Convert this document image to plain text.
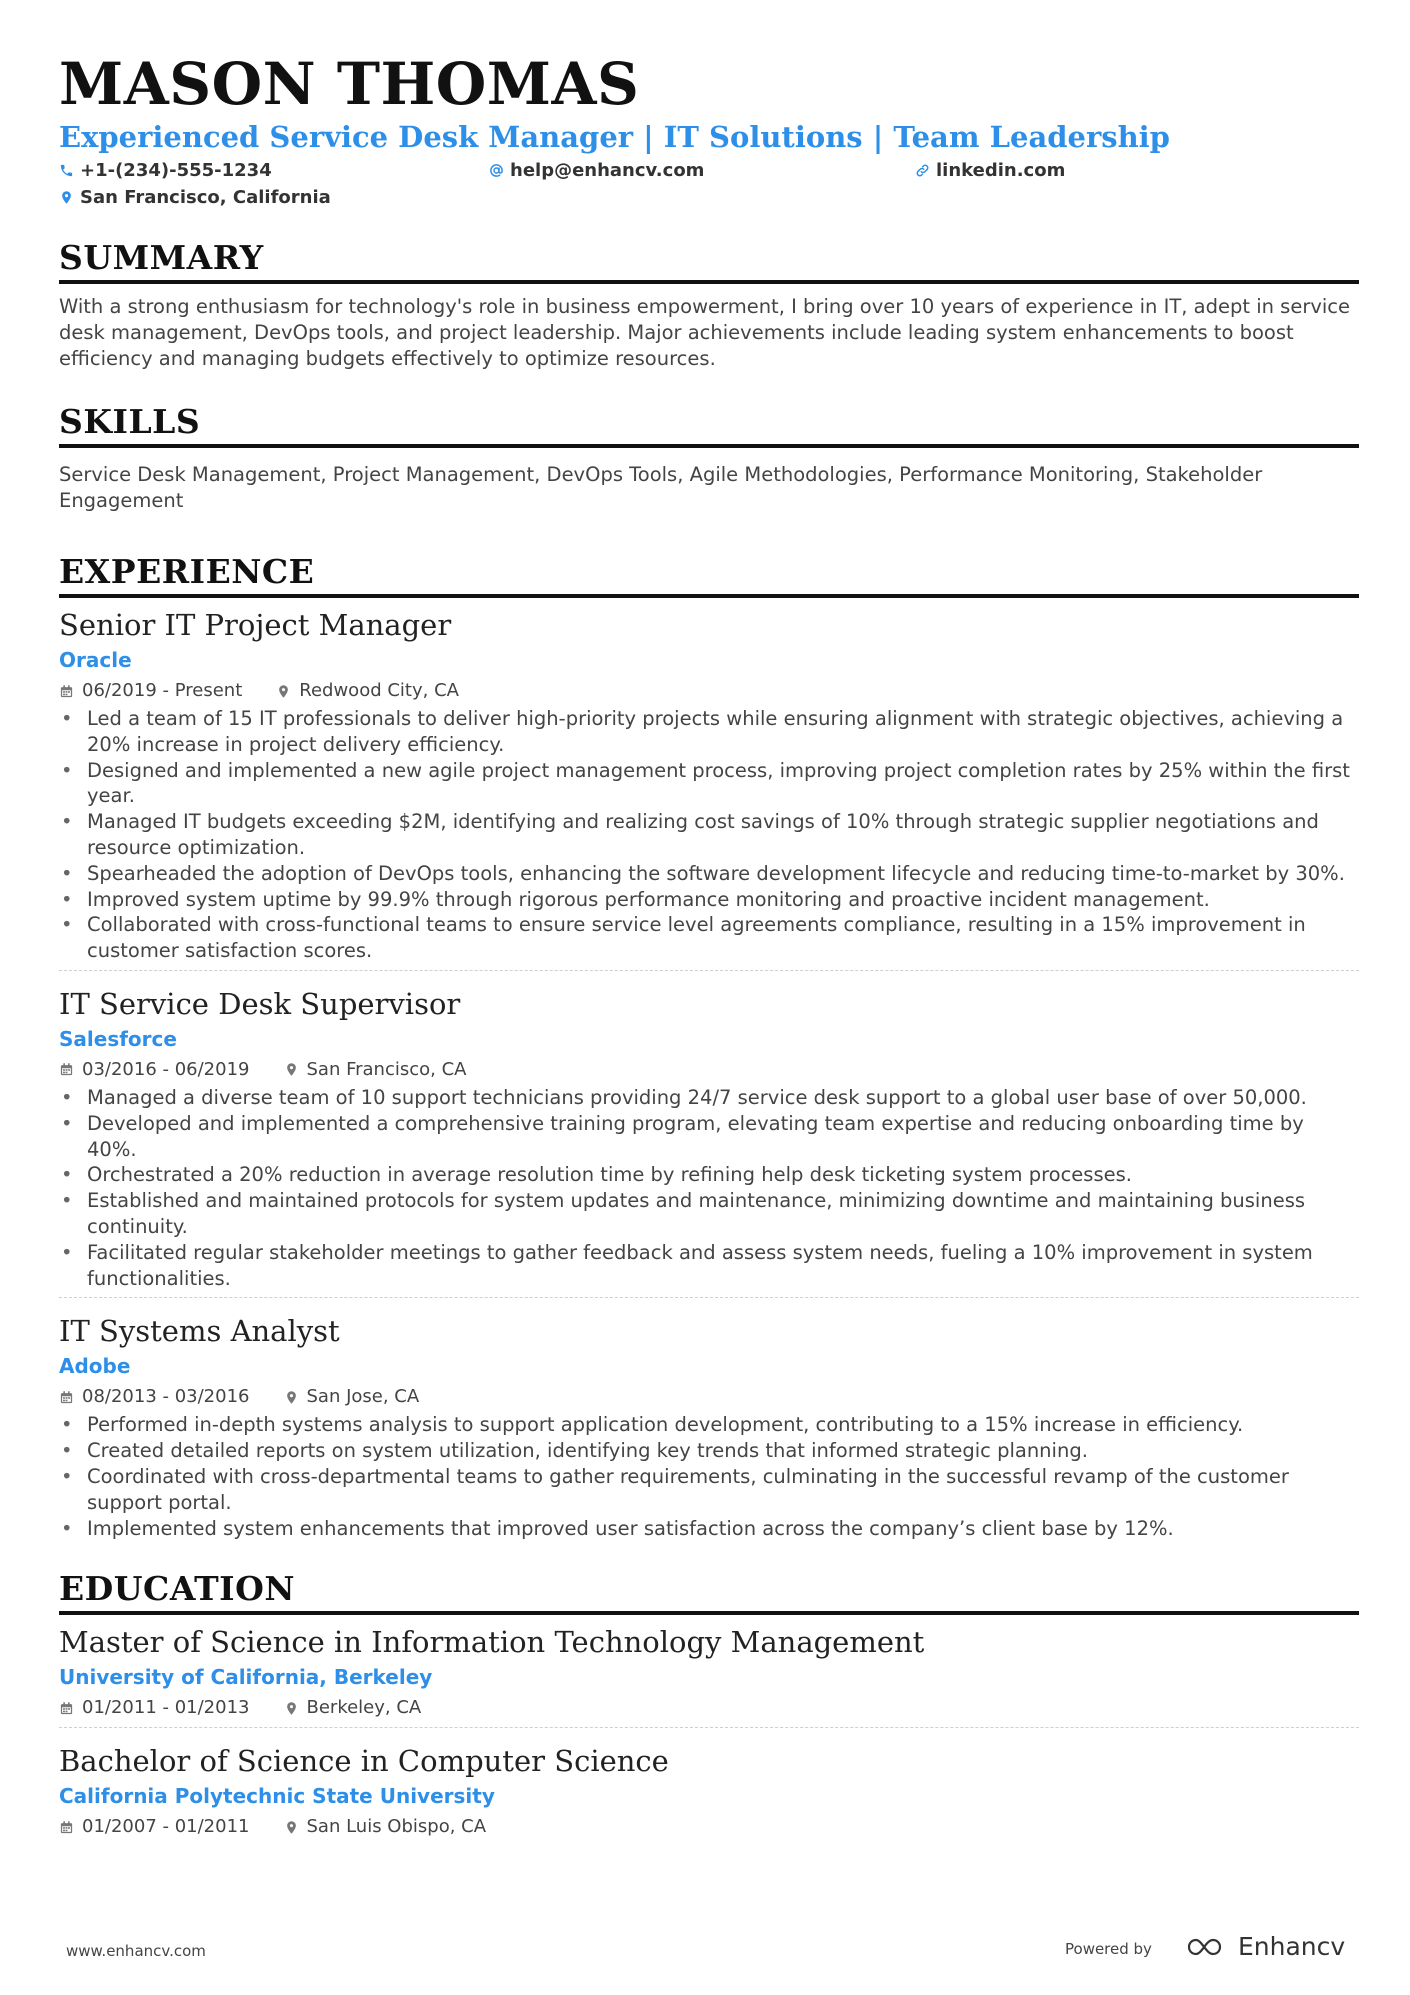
MASON THOMAS
Experienced Service Desk Manager | IT Solutions | Team Leadership
+1-(234)-555-1234	help@enhancv.com	linkedin.com
San Francisco, California
SUMMARY
With a strong enthusiasm for technology's role in business empowerment, I bring over 10 years of experience in IT, adept in service desk management, DevOps tools, and project leadership. Major achievements include leading system enhancements to boost efficiency and managing budgets effectively to optimize resources.
SKILLS
Service Desk Management, Project Management, DevOps Tools, Agile Methodologies, Performance Monitoring, Stakeholder Engagement
EXPERIENCE
Senior IT Project Manager
Oracle
06/2019 - Present	Redwood City, CA
• Led a team of 15 IT professionals to deliver high-priority projects while ensuring alignment with strategic objectives, achieving a 20% increase in project delivery efficiency.
• Designed and implemented a new agile project management process, improving project completion rates by 25% within the first year.
• Managed IT budgets exceeding $2M, identifying and realizing cost savings of 10% through strategic supplier negotiations and resource optimization.
• Spearheaded the adoption of DevOps tools, enhancing the software development lifecycle and reducing time-to-market by 30%.
• Improved system uptime by 99.9% through rigorous performance monitoring and proactive incident management.
• Collaborated with cross-functional teams to ensure service level agreements compliance, resulting in a 15% improvement in customer satisfaction scores.
IT Service Desk Supervisor
Salesforce
03/2016 - 06/2019	San Francisco, CA
• Managed a diverse team of 10 support technicians providing 24/7 service desk support to a global user base of over 50,000.
• Developed and implemented a comprehensive training program, elevating team expertise and reducing onboarding time by 40%.
• Orchestrated a 20% reduction in average resolution time by refining help desk ticketing system processes.
• Established and maintained protocols for system updates and maintenance, minimizing downtime and maintaining business continuity.
• Facilitated regular stakeholder meetings to gather feedback and assess system needs, fueling a 10% improvement in system functionalities.
IT Systems Analyst
Adobe
08/2013 - 03/2016	San Jose, CA
• Performed in-depth systems analysis to support application development, contributing to a 15% increase in efficiency.
• Created detailed reports on system utilization, identifying key trends that informed strategic planning.
• Coordinated with cross-departmental teams to gather requirements, culminating in the successful revamp of the customer support portal.
• Implemented system enhancements that improved user satisfaction across the company’s client base by 12%.
EDUCATION
Master of Science in Information Technology Management
University of California, Berkeley
01/2011 - 01/2013	Berkeley, CA
Bachelor of Science in Computer Science
California Polytechnic State University
01/2007 - 01/2011	San Luis Obispo, CA
www.enhancv.com	Powered by	Enhancv
